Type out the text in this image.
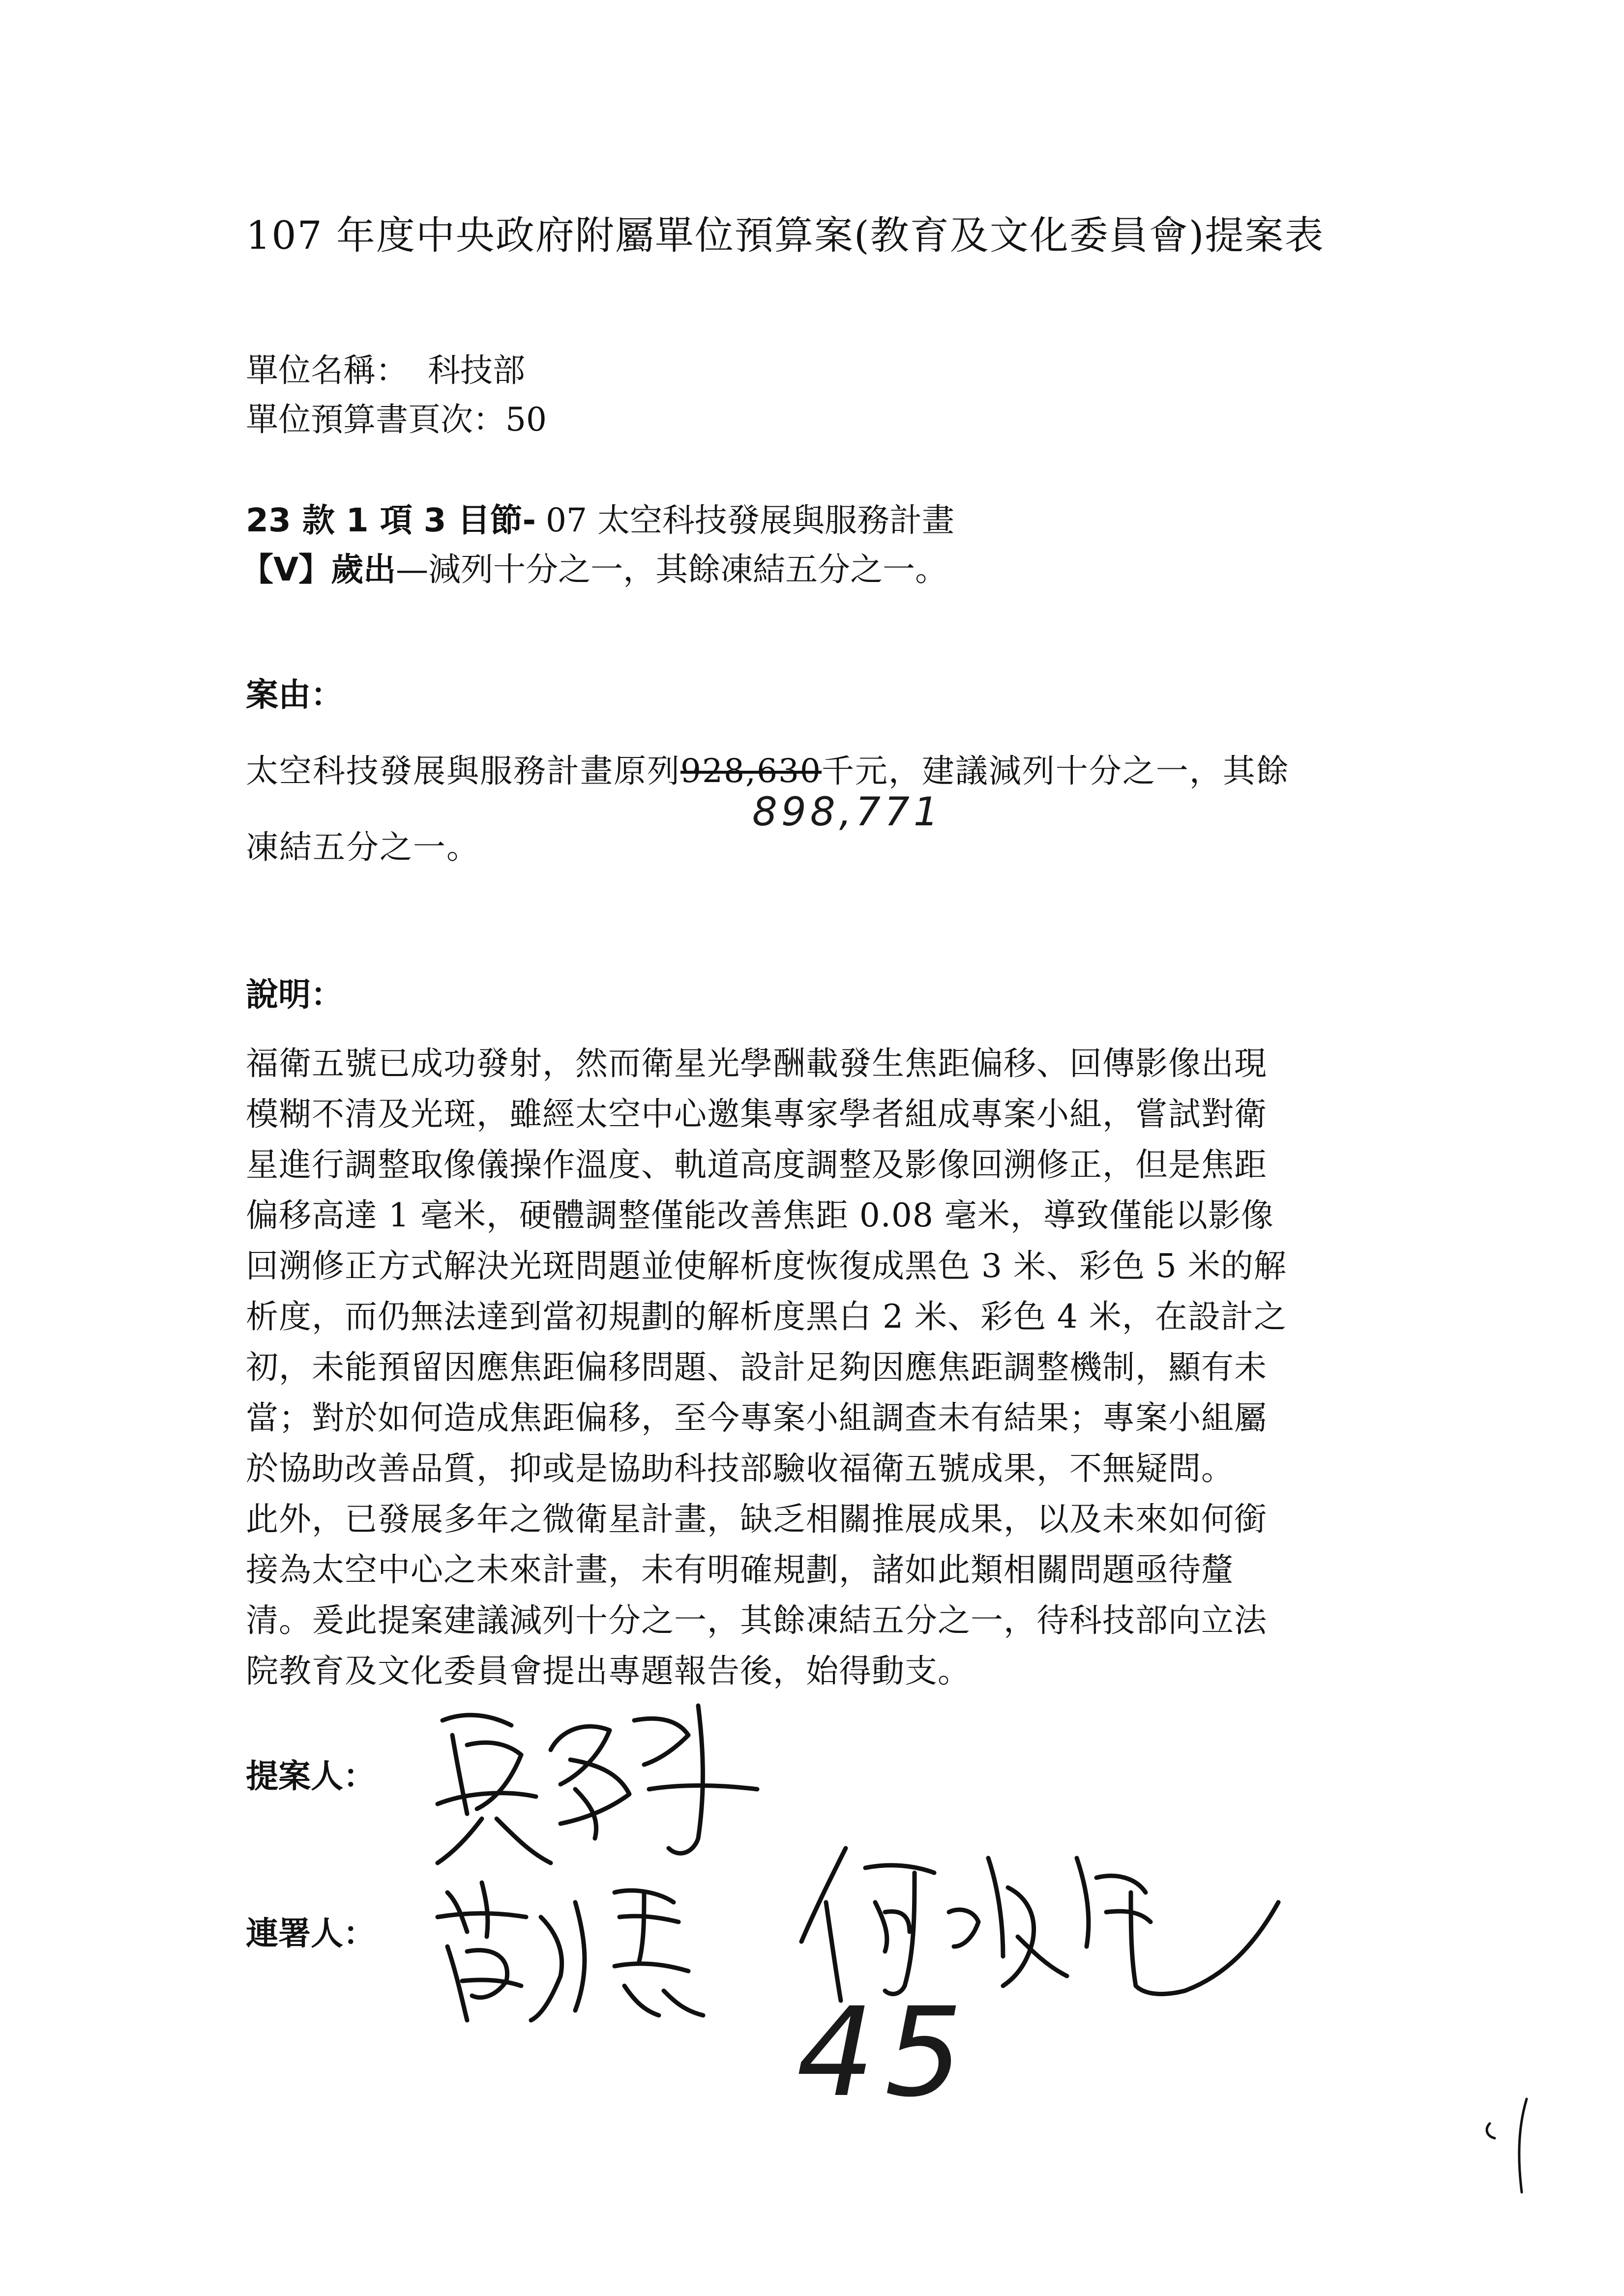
107 年度中央政府附屬單位預算案(教育及文化委員會)提案表
單位名稱： 科技部
單位預算書頁次：50
23 款 1 項 3 目節- 07 太空科技發展與服務計畫
【V】歲出—減列十分之一，其餘凍結五分之一。
案由：
太空科技發展與服務計畫原列928,630千元，建議減列十分之一，其餘
898,771
凍結五分之一。
說明：
福衛五號已成功發射，然而衛星光學酬載發生焦距偏移、回傳影像出現
模糊不清及光斑，雖經太空中心邀集專家學者組成專案小組，嘗試對衛
星進行調整取像儀操作溫度、軌道高度調整及影像回溯修正，但是焦距
偏移高達 1 毫米，硬體調整僅能改善焦距 0.08 毫米，導致僅能以影像
回溯修正方式解決光斑問題並使解析度恢復成黑色 3 米、彩色 5 米的解
析度，而仍無法達到當初規劃的解析度黑白 2 米、彩色 4 米，在設計之
初，未能預留因應焦距偏移問題、設計足夠因應焦距調整機制，顯有未
當；對於如何造成焦距偏移，至今專案小組調查未有結果；專案小組屬
於協助改善品質，抑或是協助科技部驗收福衛五號成果，不無疑問。
此外，已發展多年之微衛星計畫，缺乏相關推展成果，以及未來如何銜
接為太空中心之未來計畫，未有明確規劃，諸如此類相關問題亟待釐
清。爰此提案建議減列十分之一，其餘凍結五分之一，待科技部向立法
院教育及文化委員會提出專題報告後，始得動支。
提案人：
連署人：
45
